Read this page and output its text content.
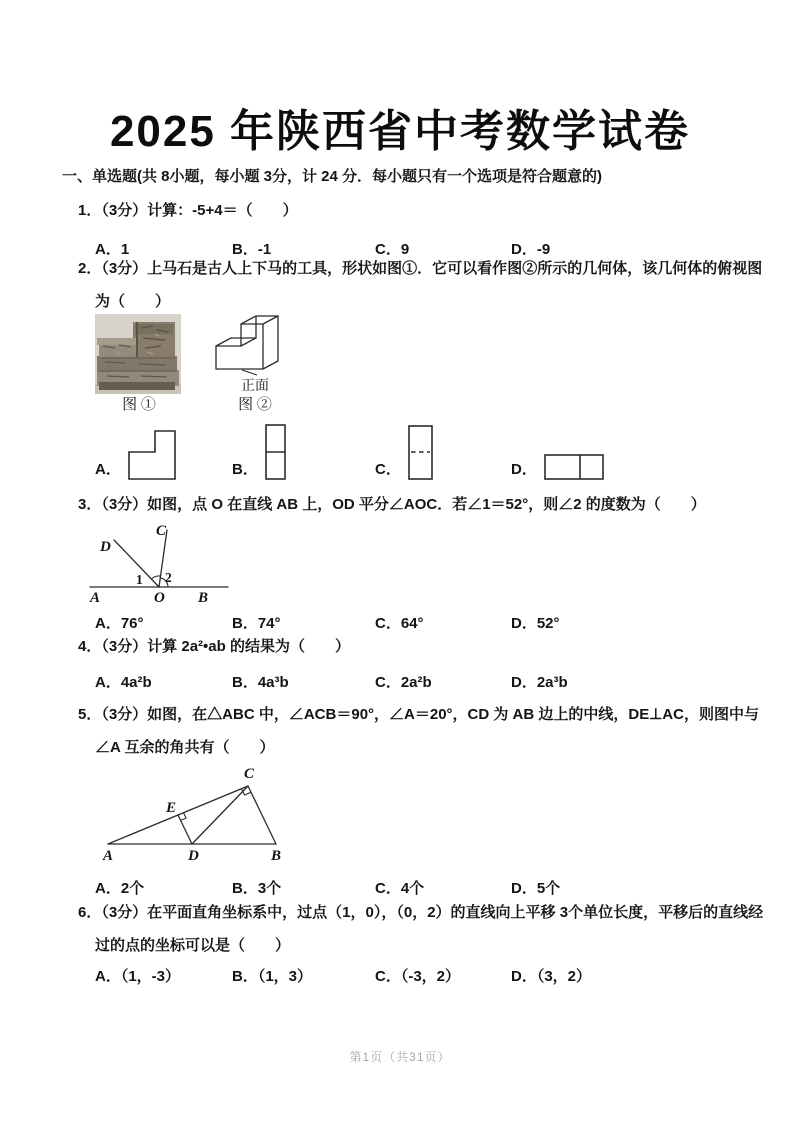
2025 年陕西省中考数学试卷
一、单选题(共 8小题，每小题 3分，计 24 分．每小题只有一个选项是符合题意的)
1．（3分）计算：-5+4＝（　　）
A．1	B．-1	C．9	D．-9
2．（3分）上马石是古人上下马的工具，形状如图①．它可以看作图②所示的几何体，该几何体的俯视图为（　　）
图 ①
正面
图 ②
A．	B．	C．	D．
3．（3分）如图，点 O 在直线 AB 上，OD 平分∠AOC．若∠1＝52°，则∠2 的度数为（　　）
D
C
A	O B
1 2
A．76°	B．74°	C．64°	D．52°
4．（3分）计算 2a²•ab 的结果为（　　）
A．4a²b	B．4a³b	C．2a²b	D．2a³b
5．（3分）如图，在△ABC 中，∠ACB＝90°，∠A＝20°，CD 为 AB 边上的中线，DE⊥AC，则图中与∠A 互余的角共有（　　）
A	D	B
C
E
A．2个	B．3个	C．4个	D．5个
6．（3分）在平面直角坐标系中，过点（1，0），（0，2）的直线向上平移 3个单位长度，平移后的直线经过的点的坐标可以是（　　）
A．（1，-3）	B．（1，3）	C．（-3，2）	D．（3，2）
第1页（共31页）
